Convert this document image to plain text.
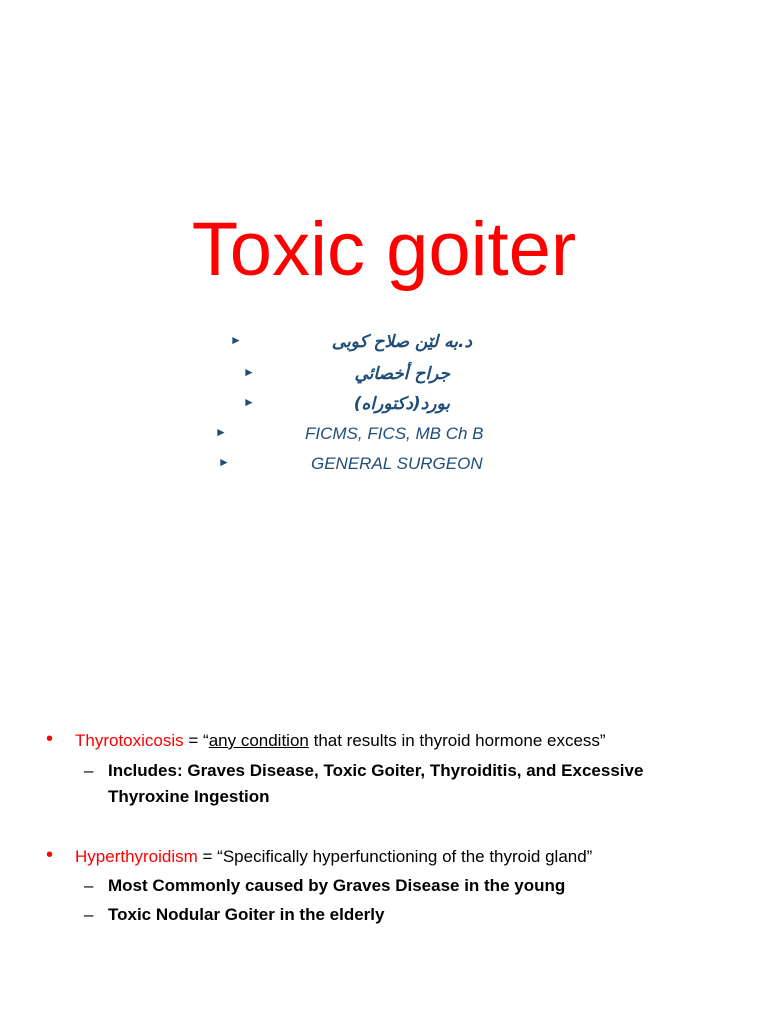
Toxic goiter
►	د.به لێن صلاح کوبی
►	جراح أخصائي
►	بورد(دكتوراه)
►	FICMS, FICS, MB Ch B
►	GENERAL SURGEON
• Thyrotoxicosis = “any condition that results in thyroid hormone excess”
– Includes: Graves Disease, Toxic Goiter, Thyroiditis, and Excessive
Thyroxine Ingestion
• Hyperthyroidism = “Specifically hyperfunctioning of the thyroid gland”
– Most Commonly caused by Graves Disease in the young
– Toxic Nodular Goiter in the elderly
